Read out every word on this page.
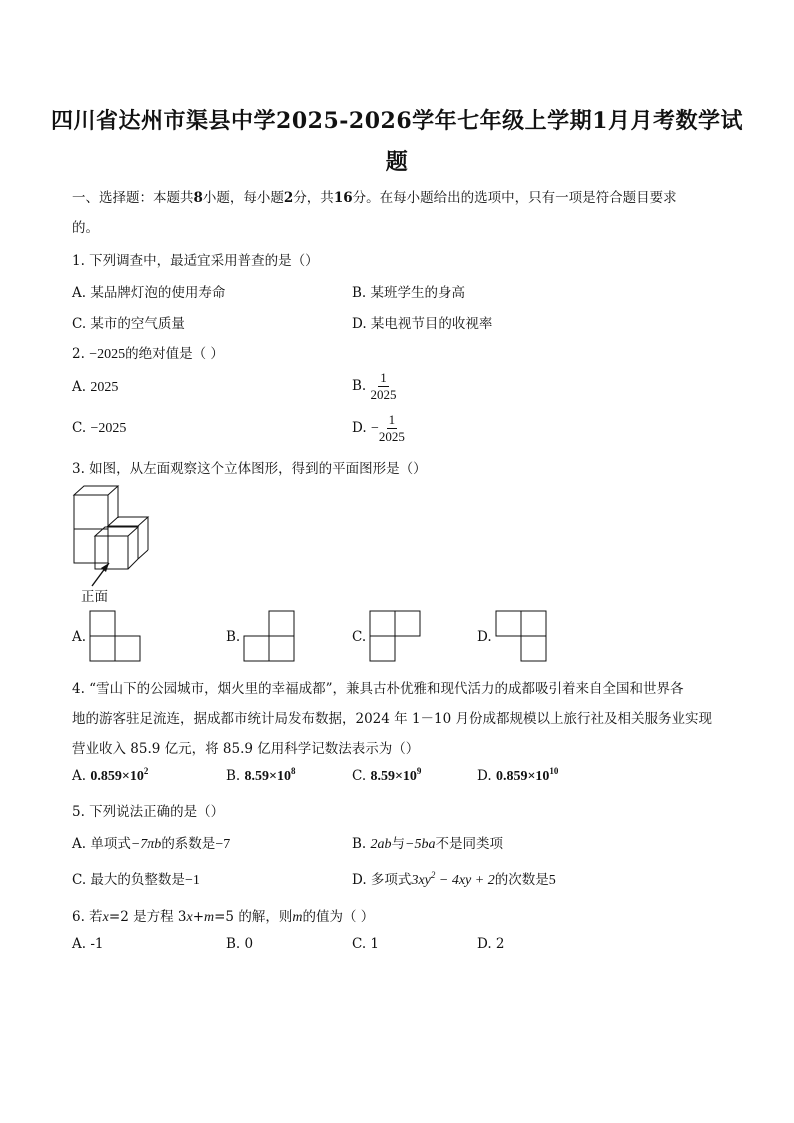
四川省达州市渠县中学2025-2026学年七年级上学期1月月考数学试
题
一、选择题：本题共8小题，每小题2分，共16分。在每小题给出的选项中，只有一项是符合题目要求
的。
1. 下列调查中，最适宜采用普查的是（）
A. 某品牌灯泡的使用寿命	B. 某班学生的身高
C. 某市的空气质量	D. 某电视节目的收视率
2. −2025的绝对值是（ ）
A. 2025	B. $\frac{1}{2025}$
C. −2025	D. − $\frac{1}{2025}$
3. 如图，从左面观察这个立体图形，得到的平面图形是（）
正面
A.	B.	C.	D.
4. “雪山下的公园城市，烟火里的幸福成都”，兼具古朴优雅和现代活力的成都吸引着来自全国和世界各
地的游客驻足流连，据成都市统计局发布数据，2024 年 1－10 月份成都规模以上旅行社及相关服务业实现
营业收入 85.9 亿元，将 85.9 亿用科学记数法表示为（）
A. $0.859\times 10^2$	B. $8.59\times 10^8$	C. $8.59\times 10^9$	D. $0.859\times 10^{10}$
5. 下列说法正确的是（）
A. 单项式−7πb的系数是−7	B. 2ab与−5ba不是同类项
C. 最大的负整数是−1	D. 多项式$3xy^2 - 4xy + 2$的次数是5
6. 若x=2 是方程 3x+m=5 的解，则m的值为（ ）
A. -1	B. 0	C. 1	D. 2
